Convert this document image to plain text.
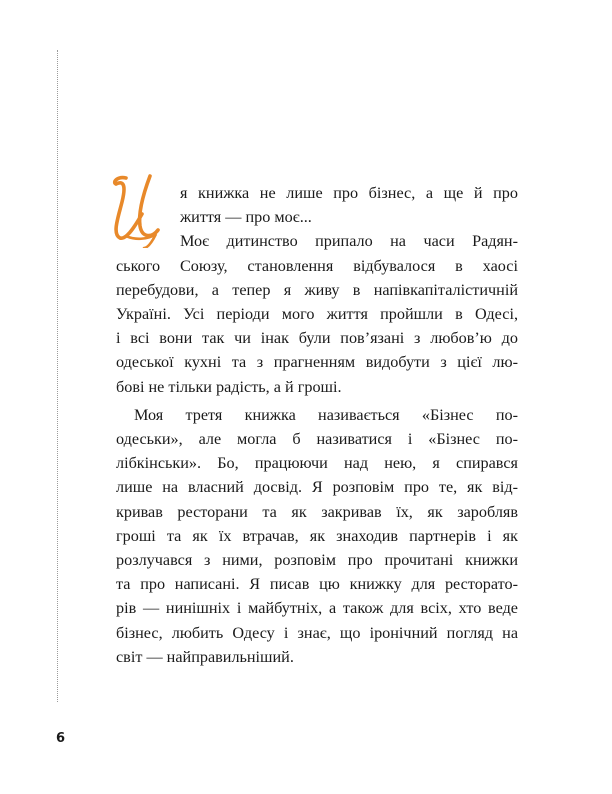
я книжка не лише про бізнес, а ще й про
життя — про моє...
Моє дитинство припало на часи Радян-
ського Союзу, становлення відбувалося в хаосі
перебудови, а тепер я живу в напівкапіталістичній
Україні. Усі періоди мого життя пройшли в Одесі,
і всі вони так чи інак були пов’язані з любов’ю до
одеської кухні та з прагненням видобути з цієї лю-
бові не тільки радість, а й гроші.

Моя третя книжка називається «Бізнес по-
одеськи», але могла б називатися і «Бізнес по-
лібкінськи». Бо, працюючи над нею, я спирався
лише на власний досвід. Я розповім про те, як від-
кривав ресторани та як закривав їх, як заробляв
гроші та як їх втрачав, як знаходив партнерів і як
розлучався з ними, розповім про прочитані книжки
та про написані. Я писав цю книжку для ресторато-
рів — нинішніх і майбутніх, а також для всіх, хто веде
бізнес, любить Одесу і знає, що іронічний погляд на
світ — найправильніший.

6
